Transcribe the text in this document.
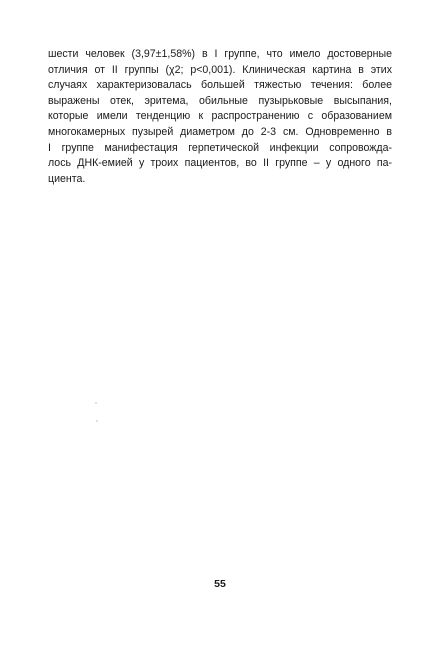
шести человек (3,97±1,58%) в I группе, что имело достоверные
отличия от II группы (χ2; p<0,001). Клиническая картина в этих
случаях характеризовалась большей тяжестью течения: более
выражены отек, эритема, обильные пузырьковые высыпания,
которые имели тенденцию к распространению с образованием
многокамерных пузырей диаметром до 2-3 см. Одновременно в
I группе манифестация герпетической инфекции сопровожда-
лось ДНК-емией у троих пациентов, во II группе – у одного па-
циента.

55
